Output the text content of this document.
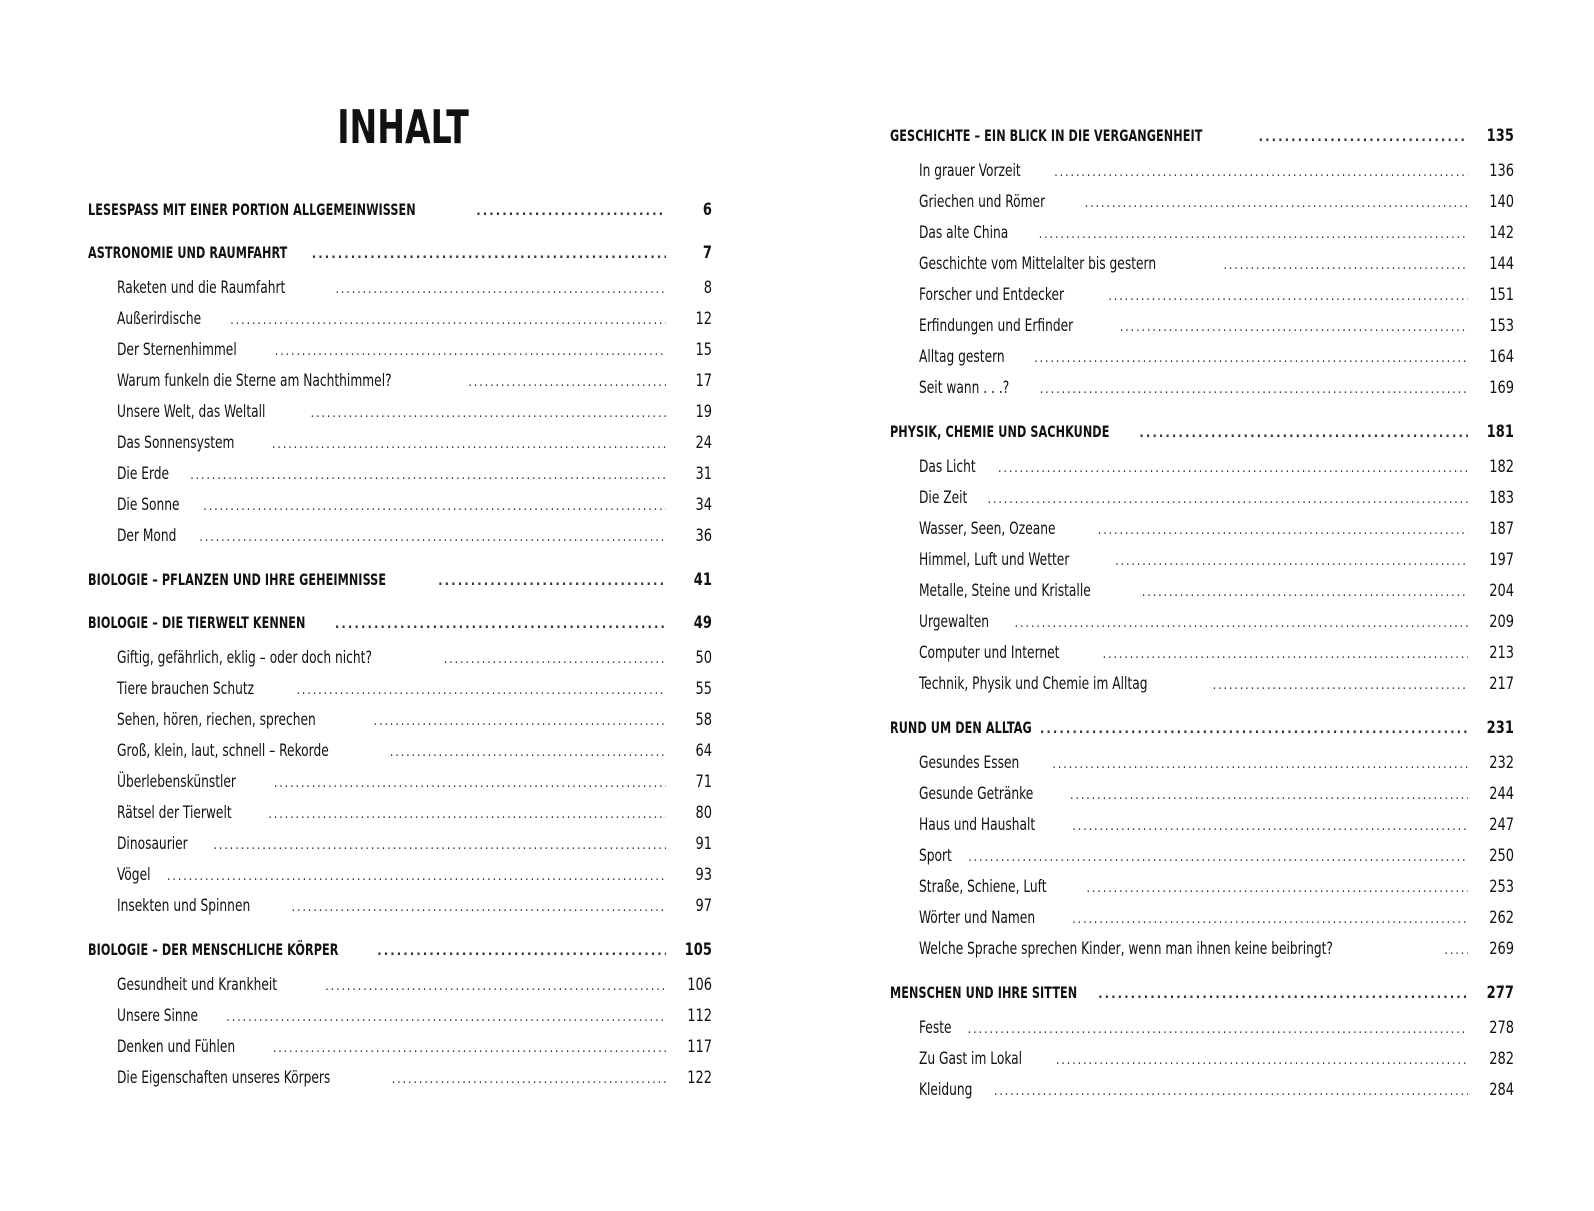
INHALT
LESESPASS MIT EINER PORTION ALLGEMEINWISSEN . . .	6
ASTRONOMIE UND RAUMFAHRT . . .	7
Raketen und die Raumfahrt . . .	8
Außerirdische . . .	12
Der Sternenhimmel . . .	15
Warum funkeln die Sterne am Nachthimmel? . . .	17
Unsere Welt, das Weltall . . .	19
Das Sonnensystem . . .	24
Die Erde . . .	31
Die Sonne . . .	34
Der Mond . . .	36
BIOLOGIE – PFLANZEN UND IHRE GEHEIMNISSE . . .	41
BIOLOGIE – DIE TIERWELT KENNEN . . .	49
Giftig, gefährlich, eklig – oder doch nicht? . . .	50
Tiere brauchen Schutz . . .	55
Sehen, hören, riechen, sprechen . . .	58
Groß, klein, laut, schnell – Rekorde . . .	64
Überlebenskünstler . . .	71
Rätsel der Tierwelt . . .	80
Dinosaurier . . .	91
Vögel . . .	93
Insekten und Spinnen . . .	97
BIOLOGIE – DER MENSCHLICHE KÖRPER . . .	105
Gesundheit und Krankheit . . .	106
Unsere Sinne . . .	112
Denken und Fühlen . . .	117
Die Eigenschaften unseres Körpers . . .	122
GESCHICHTE – EIN BLICK IN DIE VERGANGENHEIT . . .	135
In grauer Vorzeit . . .	136
Griechen und Römer . . .	140
Das alte China . . .	142
Geschichte vom Mittelalter bis gestern . . .	144
Forscher und Entdecker . . .	151
Erfindungen und Erfinder . . .	153
Alltag gestern . . .	164
Seit wann . . .? . . .	169
PHYSIK, CHEMIE UND SACHKUNDE . . .	181
Das Licht . . .	182
Die Zeit . . .	183
Wasser, Seen, Ozeane . . .	187
Himmel, Luft und Wetter . . .	197
Metalle, Steine und Kristalle . . .	204
Urgewalten . . .	209
Computer und Internet . . .	213
Technik, Physik und Chemie im Alltag . . .	217
RUND UM DEN ALLTAG . . .	231
Gesundes Essen . . .	232
Gesunde Getränke . . .	244
Haus und Haushalt . . .	247
Sport . . .	250
Straße, Schiene, Luft . . .	253
Wörter und Namen . . .	262
Welche Sprache sprechen Kinder, wenn man ihnen keine beibringt? . . .	269
MENSCHEN UND IHRE SITTEN . . .	277
Feste . . .	278
Zu Gast im Lokal . . .	282
Kleidung . . .	284
